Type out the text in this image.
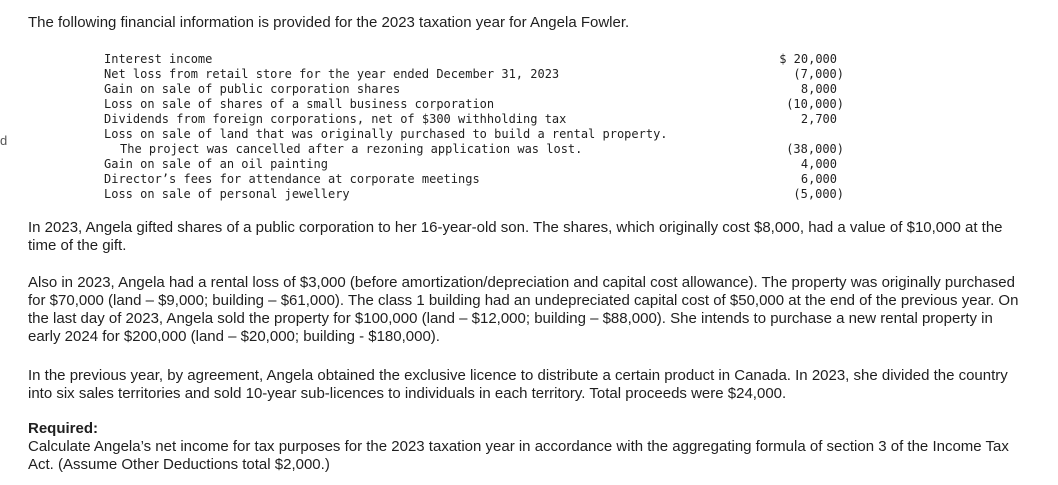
d

The following financial information is provided for the 2023 taxation year for Angela Fowler.

Interest income	$ 20,000
Net loss from retail store for the year ended December 31, 2023	(7,000)
Gain on sale of public corporation shares	8,000
Loss on sale of shares of a small business corporation	(10,000)
Dividends from foreign corporations, net of $300 withholding tax	2,700
Loss on sale of land that was originally purchased to build a rental property.
The project was cancelled after a rezoning application was lost.	(38,000)
Gain on sale of an oil painting	4,000
Director’s fees for attendance at corporate meetings	6,000
Loss on sale of personal jewellery	(5,000)

In 2023, Angela gifted shares of a public corporation to her 16-year-old son. The shares, which originally cost $8,000, had a value of $10,000 at the time of the gift.

Also in 2023, Angela had a rental loss of $3,000 (before amortization/depreciation and capital cost allowance). The property was originally purchased for $70,000 (land – $9,000; building – $61,000). The class 1 building had an undepreciated capital cost of $50,000 at the end of the previous year. On the last day of 2023, Angela sold the property for $100,000 (land – $12,000; building – $88,000). She intends to purchase a new rental property in early 2024 for $200,000 (land – $20,000; building - $180,000).

In the previous year, by agreement, Angela obtained the exclusive licence to distribute a certain product in Canada. In 2023, she divided the country into six sales territories and sold 10-year sub-licences to individuals in each territory. Total proceeds were $24,000.

Required:

Calculate Angela’s net income for tax purposes for the 2023 taxation year in accordance with the aggregating formula of section 3 of the Income Tax Act. (Assume Other Deductions total $2,000.)
